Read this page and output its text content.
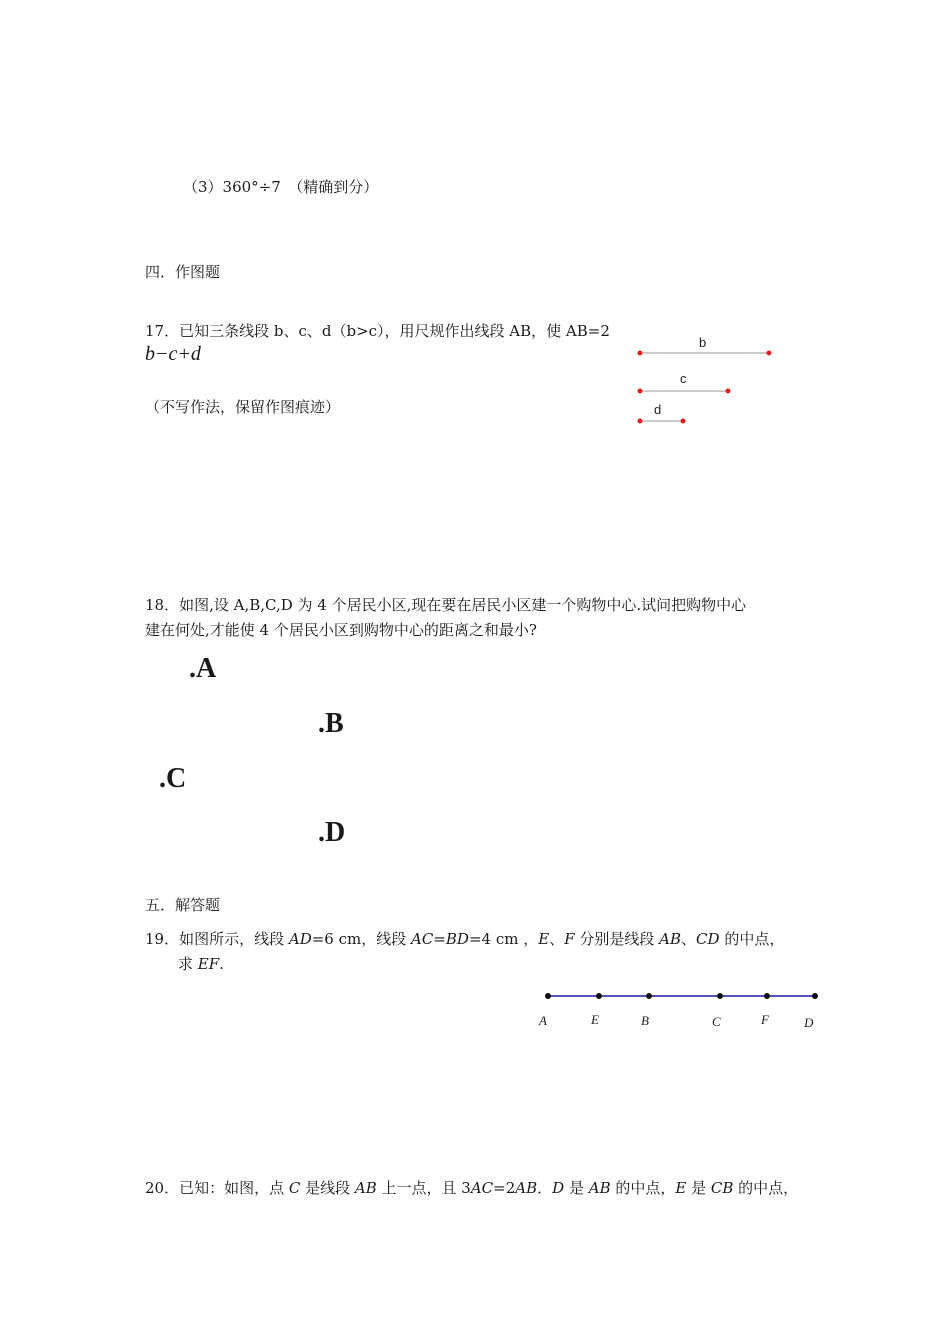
（3）360°÷7　（精确到分）
四．作图题
17．已知三条线段 b、c、d（b>c），用尺规作出线段 AB，使 AB=2
b−c+d
（不写作法，保留作图痕迹）
b
c
d
18．如图,设 A,B,C,D 为 4 个居民小区,现在要在居民小区建一个购物中心.试问把购物中心
建在何处,才能使 4 个居民小区到购物中心的距离之和最小?
.A
.B
.C
.D
五．解答题
19．如图所示，线段 AD=6 cm，线段 AC=BD=4 cm ，E、F 分别是线段 AB、CD 的中点，
求 EF.
A	E	B	C	F	D
20．已知：如图，点 C 是线段 AB 上一点，且 3AC=2AB．D 是 AB 的中点，E 是 CB 的中点，
